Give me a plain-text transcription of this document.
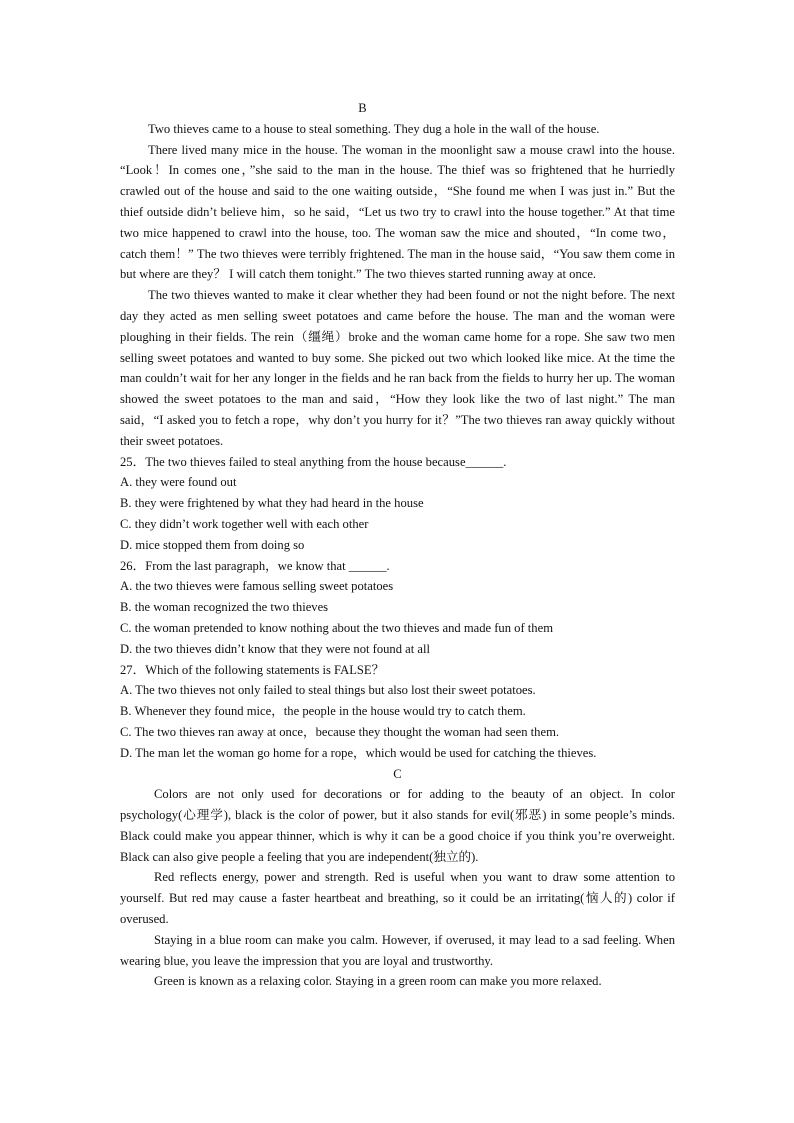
B

Two thieves came to a house to steal something. They dug a hole in the wall of the house.

There lived many mice in the house. The woman in the moonlight saw a mouse crawl into the house. “Look！In comes one，”she said to the man in the house. The thief was so frightened that he hurriedly crawled out of the house and said to the one waiting outside，“She found me when I was just in.” But the thief outside didn’t believe him，so he said，“Let us two try to crawl into the house together.” At that time two mice happened to crawl into the house, too. The woman saw the mice and shouted，“In come two，catch them！” The two thieves were terribly frightened. The man in the house said，“You saw them come in but where are they？ I will catch them tonight.” The two thieves started running away at once.

The two thieves wanted to make it clear whether they had been found or not the night before. The next day they acted as men selling sweet potatoes and came before the house. The man and the woman were ploughing in their fields. The rein（缰绳）broke and the woman came home for a rope. She saw two men selling sweet potatoes and wanted to buy some. She picked out two which looked like mice. At the time the man couldn’t wait for her any longer in the fields and he ran back from the fields to hurry her up. The woman showed the sweet potatoes to the man and said，“How they look like the two of last night.” The man said，“I asked you to fetch a rope，why don’t you hurry for it？”The two thieves ran away quickly without their sweet potatoes.

25．The two thieves failed to steal anything from the house because______.

A. they were found out

B. they were frightened by what they had heard in the house

C. they didn’t work together well with each other

D. mice stopped them from doing so

26．From the last paragraph，we know that ______.

A. the two thieves were famous selling sweet potatoes

B. the woman recognized the two thieves

C. the woman pretended to know nothing about the two thieves and made fun of them

D. the two thieves didn’t know that they were not found at all

27．Which of the following statements is FALSE？

A. The two thieves not only failed to steal things but also lost their sweet potatoes.

B. Whenever they found mice，the people in the house would try to catch them.

C. The two thieves ran away at once，because they thought the woman had seen them.

D. The man let the woman go home for a rope，which would be used for catching the thieves.

C

Colors are not only used for decorations or for adding to the beauty of an object. In color psychology(心理学), black is the color of power, but it also stands for evil(邪恶) in some people’s minds. Black could make you appear thinner, which is why it can be a good choice if you think you’re overweight. Black can also give people a feeling that you are independent(独立的).

Red reflects energy, power and strength. Red is useful when you want to draw some attention to yourself. But red may cause a faster heartbeat and breathing, so it could be an irritating(恼人的) color if overused.

Staying in a blue room can make you calm. However, if overused, it may lead to a sad feeling. When wearing blue, you leave the impression that you are loyal and trustworthy.

Green is known as a relaxing color. Staying in a green room can make you more relaxed.
